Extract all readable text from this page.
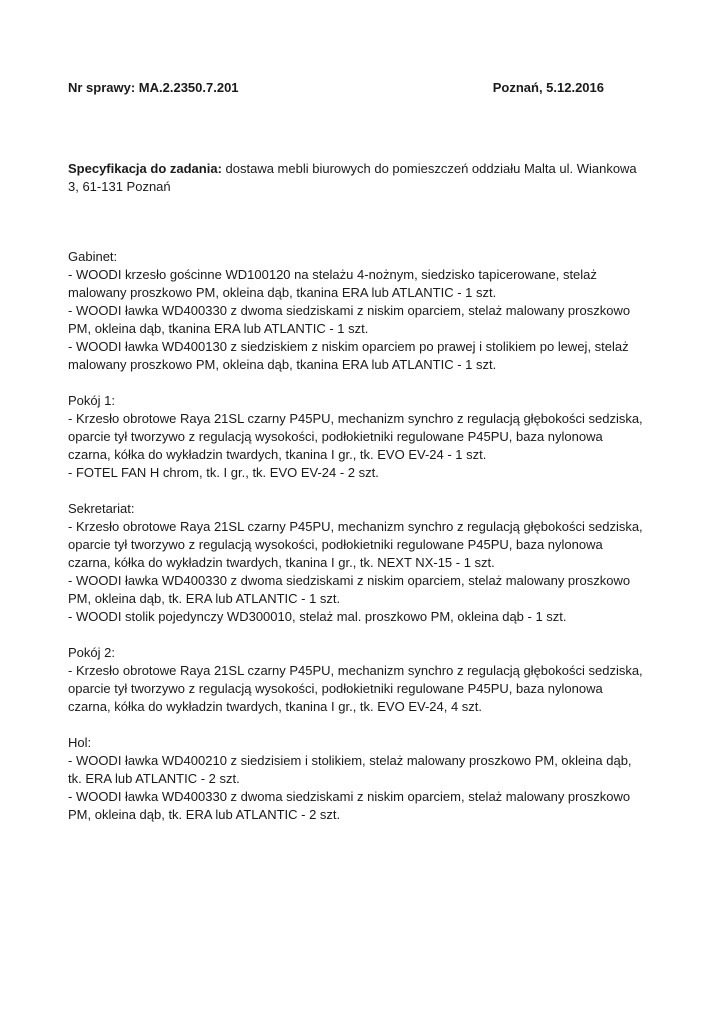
Nr sprawy: MA.2.2350.7.201	Poznań, 5.12.2016
Specyfikacja do zadania: dostawa mebli biurowych do pomieszczeń oddziału Malta ul. Wiankowa 3, 61-131 Poznań

Gabinet:

- WOODI krzesło gościnne WD100120 na stelażu 4-nożnym, siedzisko tapicerowane, stelaż malowany proszkowo PM, okleina dąb, tkanina ERA lub ATLANTIC - 1 szt.

- WOODI ławka WD400330 z dwoma siedziskami z niskim oparciem, stelaż malowany proszkowo PM, okleina dąb, tkanina ERA lub ATLANTIC - 1 szt.

- WOODI ławka WD400130 z siedziskiem z niskim oparciem po prawej i stolikiem po lewej, stelaż malowany proszkowo PM, okleina dąb, tkanina ERA lub ATLANTIC - 1 szt.

Pokój 1:

- Krzesło obrotowe Raya 21SL czarny P45PU, mechanizm synchro z regulacją głębokości sedziska, oparcie tył tworzywo z regulacją wysokości, podłokietniki regulowane P45PU, baza nylonowa czarna, kółka do wykładzin twardych, tkanina I gr., tk. EVO EV-24 - 1 szt.

- FOTEL FAN H chrom, tk. I gr., tk. EVO EV-24 - 2 szt.

Sekretariat:

- Krzesło obrotowe Raya 21SL czarny P45PU, mechanizm synchro z regulacją głębokości sedziska, oparcie tył tworzywo z regulacją wysokości, podłokietniki regulowane P45PU, baza nylonowa czarna, kółka do wykładzin twardych, tkanina I gr., tk. NEXT NX-15 - 1 szt.

- WOODI ławka WD400330 z dwoma siedziskami z niskim oparciem, stelaż malowany proszkowo PM, okleina dąb, tk. ERA lub ATLANTIC - 1 szt.

- WOODI stolik pojedynczy WD300010, stelaż mal. proszkowo PM, okleina dąb - 1 szt.

Pokój 2:

- Krzesło obrotowe Raya 21SL czarny P45PU, mechanizm synchro z regulacją głębokości sedziska, oparcie tył tworzywo z regulacją wysokości, podłokietniki regulowane P45PU, baza nylonowa czarna, kółka do wykładzin twardych, tkanina I gr., tk. EVO EV-24, 4 szt.

Hol:

- WOODI ławka WD400210 z siedzisiem i stolikiem, stelaż malowany proszkowo PM, okleina dąb, tk. ERA lub ATLANTIC - 2 szt.

- WOODI ławka WD400330 z dwoma siedziskami z niskim oparciem, stelaż malowany proszkowo PM, okleina dąb, tk. ERA lub ATLANTIC - 2 szt.
